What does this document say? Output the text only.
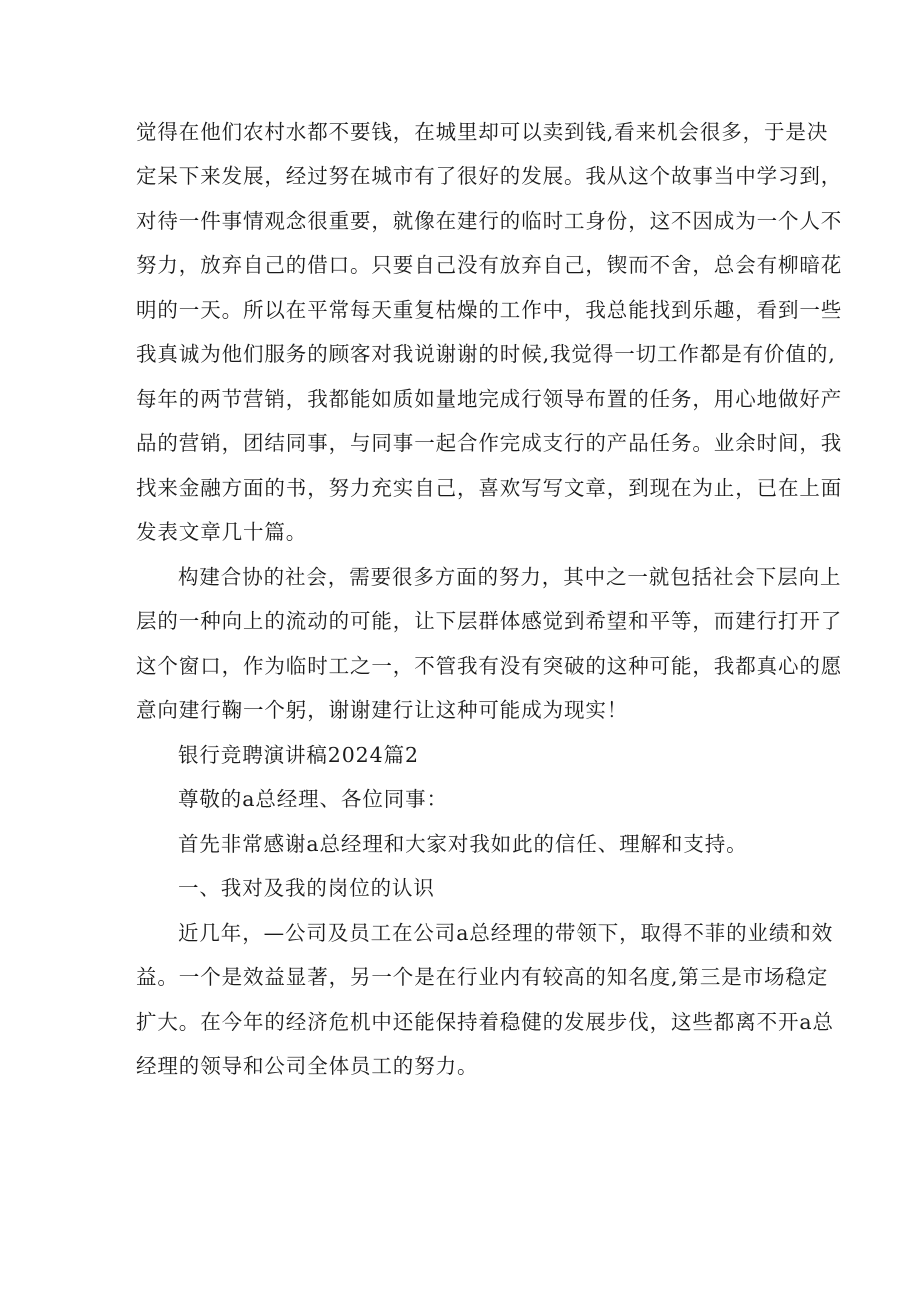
觉得在他们农村水都不要钱，在城里却可以卖到钱,看来机会很多，于是决
定呆下来发展，经过努在城市有了很好的发展。我从这个故事当中学习到，
对待一件事情观念很重要，就像在建行的临时工身份，这不因成为一个人不
努力，放弃自己的借口。只要自己没有放弃自己，锲而不舍，总会有柳暗花
明的一天。所以在平常每天重复枯燥的工作中，我总能找到乐趣，看到一些
我真诚为他们服务的顾客对我说谢谢的时候,我觉得一切工作都是有价值的,
每年的两节营销，我都能如质如量地完成行领导布置的任务，用心地做好产
品的营销，团结同事，与同事一起合作完成支行的产品任务。业余时间，我
找来金融方面的书，努力充实自己，喜欢写写文章，到现在为止，已在上面
发表文章几十篇。
构建合协的社会，需要很多方面的努力，其中之一就包括社会下层向上
层的一种向上的流动的可能，让下层群体感觉到希望和平等，而建行打开了
这个窗口，作为临时工之一，不管我有没有突破的这种可能，我都真心的愿
意向建行鞠一个躬，谢谢建行让这种可能成为现实！
银行竞聘演讲稿2024篇2
尊敬的a总经理、各位同事：
首先非常感谢a总经理和大家对我如此的信任、理解和支持。
一、我对及我的岗位的认识
近几年，—公司及员工在公司a总经理的带领下，取得不菲的业绩和效
益。一个是效益显著，另一个是在行业内有较高的知名度,第三是市场稳定
扩大。在今年的经济危机中还能保持着稳健的发展步伐，这些都离不开a总
经理的领导和公司全体员工的努力。
